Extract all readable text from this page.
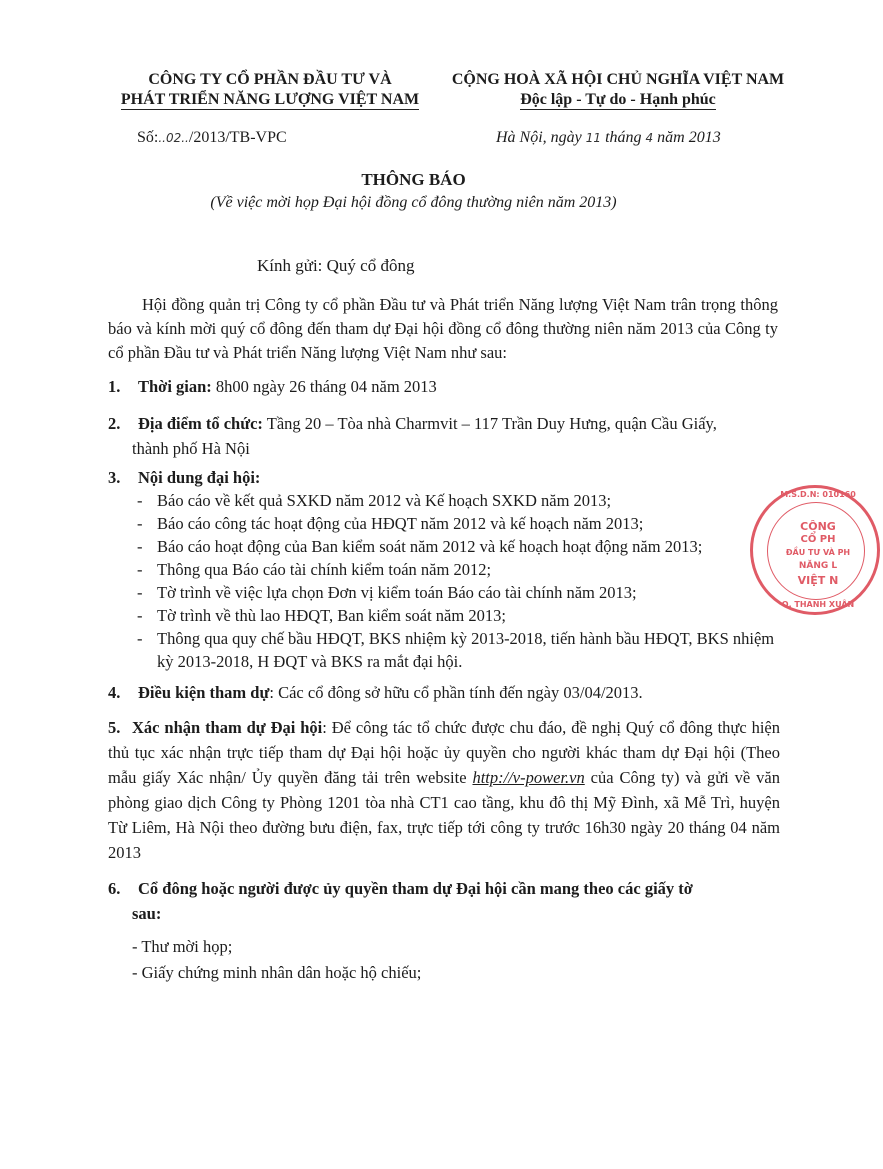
CÔNG TY CỔ PHẦN ĐẦU TƯ VÀ
PHÁT TRIỂN NĂNG LƯỢNG VIỆT NAM
CỘNG HOÀ XÃ HỘI CHỦ NGHĨA VIỆT NAM
Độc lập - Tự do - Hạnh phúc
Số:..02../2013/TB-VPC	Hà Nội, ngày 11 tháng 4 năm 2013
THÔNG BÁO
(Về việc mời họp Đại hội đồng cổ đông thường niên năm 2013)
Kính gửi: Quý cổ đông
Hội đồng quản trị Công ty cổ phần Đầu tư và Phát triển Năng lượng Việt Nam trân trọng thông báo và kính mời quý cổ đông đến tham dự Đại hội đồng cổ đông thường niên năm 2013 của Công ty cổ phần Đầu tư và Phát triển Năng lượng Việt Nam như sau:
1. Thời gian: 8h00 ngày 26 tháng 04 năm 2013
2. Địa điểm tổ chức: Tầng 20 – Tòa nhà Charmvit – 117 Trần Duy Hưng, quận Cầu Giấy,
thành phố Hà Nội
3. Nội dung đại hội:
- Báo cáo về kết quả SXKD năm 2012 và Kế hoạch SXKD năm 2013;
- Báo cáo công tác hoạt động của HĐQT năm 2012 và kế hoạch năm 2013;
- Báo cáo hoạt động của Ban kiểm soát năm 2012 và kế hoạch hoạt động năm 2013;
- Thông qua Báo cáo tài chính kiểm toán năm 2012;
- Tờ trình về việc lựa chọn Đơn vị kiểm toán Báo cáo tài chính năm 2013;
- Tờ trình về thù lao HĐQT, Ban kiểm soát năm 2013;
- Thông qua quy chế bầu HĐQT, BKS nhiệm kỳ 2013-2018, tiến hành bầu HĐQT, BKS nhiệm kỳ 2013-2018, H ĐQT và BKS ra mắt đại hội.
4. Điều kiện tham dự: Các cổ đông sở hữu cổ phần tính đến ngày 03/04/2013.
5. Xác nhận tham dự Đại hội: Để công tác tổ chức được chu đáo, đề nghị Quý cổ đông thực hiện thủ tục xác nhận trực tiếp tham dự Đại hội hoặc ủy quyền cho người khác tham dự Đại hội (Theo mẫu giấy Xác nhận/ Ủy quyền đăng tải trên website http://v-power.vn của Công ty) và gửi về văn phòng giao dịch Công ty Phòng 1201 tòa nhà CT1 cao tầng, khu đô thị Mỹ Đình, xã Mễ Trì, huyện Từ Liêm, Hà Nội theo đường bưu điện, fax, trực tiếp tới công ty trước 16h30 ngày 20 tháng 04 năm 2013
6. Cổ đông hoặc người được ủy quyền tham dự Đại hội cần mang theo các giấy tờ
sau:
- Thư mời họp;
- Giấy chứng minh nhân dân hoặc hộ chiếu;
M.S.D.N: 010160
CÔNG
CỔ PH
ĐẦU TƯ VÀ PH
NĂNG L
VIỆT N
Q. THANH XUÂN
